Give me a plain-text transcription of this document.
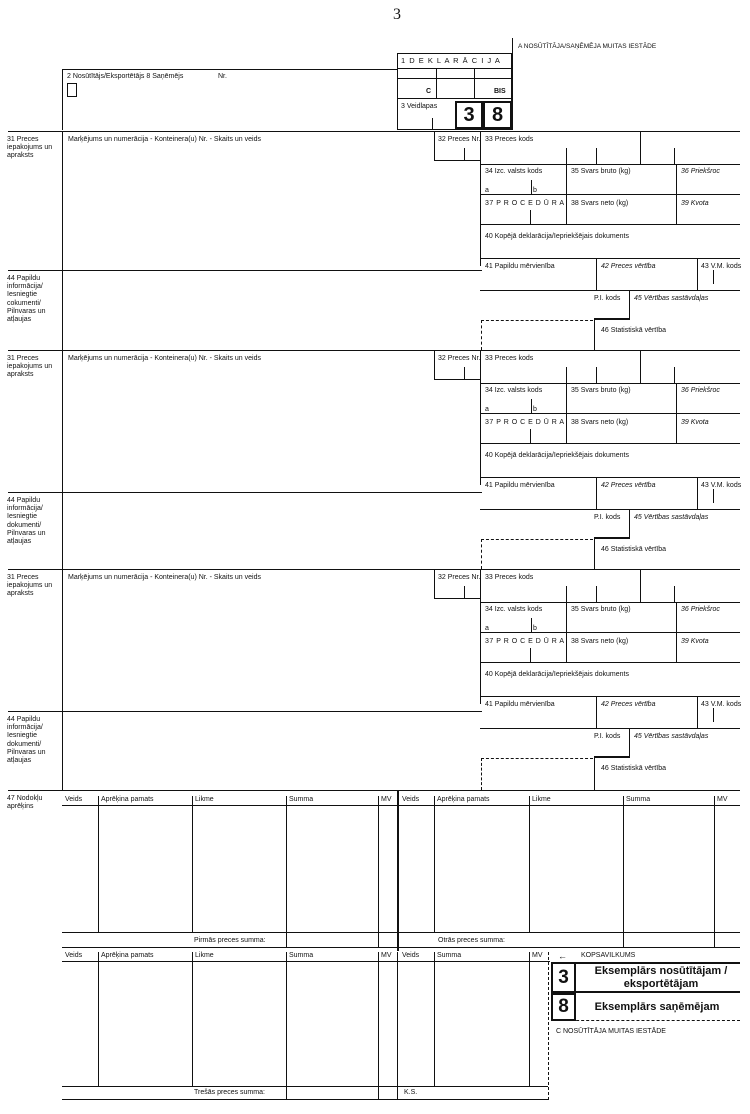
3
A NOSŪTĪTĀJA/SAŅĒMĒJA MUITAS IESTĀDE
2 Nosūtītājs/Eksportētājs 8 Saņēmējs	Nr.
1 D E K L A R Ā C I J A
C	BIS
3 Veidlapas	3 8
31 Preces iepakojums un apraksts
Marķējums un numerācija - Konteinera(u) Nr. - Skaits un veids	32 Preces Nr. 33 Preces kods
34 Izc. valsts kods	35 Svars bruto (kg)	36 Priekšroc
a	b
37 P R O C E D Ū R A 38 Svars neto (kg)	39 Kvota
40 Kopējā deklarācija/Iepriekšējais dokuments
41 Papildu mērvienība	42 Preces vērtība	43 V.M. kods
44 Papildu informācija/ Iesniegtie cokumenti/ Pilnvaras un atļaujas
P.I. kods 45 Vērtības sastāvdaļas
46 Statistiskā vērtība
31 Preces iepakojums un apraksts
Marķējums un numerācija - Konteinera(u) Nr. - Skaits un veids	32 Preces Nr. 33 Preces kods
34 Izc. valsts kods	35 Svars bruto (kg)	36 Priekšroc
a	b
37 P R O C E D Ū R A 38 Svars neto (kg)	39 Kvota
40 Kopējā deklarācija/Iepriekšējais dokuments
41 Papildu mērvienība	42 Preces vērtība	43 V.M. kods
44 Papildu informācija/ Iesniegtie dokumenti/ Pilnvaras un atļaujas
P.I. kods 45 Vērtības sastāvdaļas
46 Statistiskā vērtība
31 Preces iepakojums un apraksts
Marķējums un numerācija - Konteinera(u) Nr. - Skaits un veids	32 Preces Nr. 33 Preces kods
34 Izc. valsts kods	35 Svars bruto (kg)	36 Priekšroc
a	b
37 P R O C E D Ū R A 38 Svars neto (kg)	39 Kvota
40 Kopējā deklarācija/Iepriekšējais dokuments
41 Papildu mērvienība	42 Preces vērtība	43 V.M. kods
44 Papildu informācija/ Iesniegtie dokumenti/ Pilnvaras un atļaujas
P.I. kods 45 Vērtības sastāvdaļas
46 Statistiskā vērtība
47 Nodokļu aprēķins
Veids	Aprēķina pamats	Likme	Summa	MV Veids	Aprēķina pamats	Likme	Summa	MV
Pirmās preces summa:	Otrās preces summa:
Veids	Aprēķina pamats	Likme	Summa	MV Veids	Summa	MV ← KOPSAVILKUMS
Trešās preces summa:	K.S.
3	Eksemplārs nosūtītājam / eksportētājam
8	Eksemplārs saņēmējam
C NOSŪTĪTĀJA MUITAS IESTĀDE
